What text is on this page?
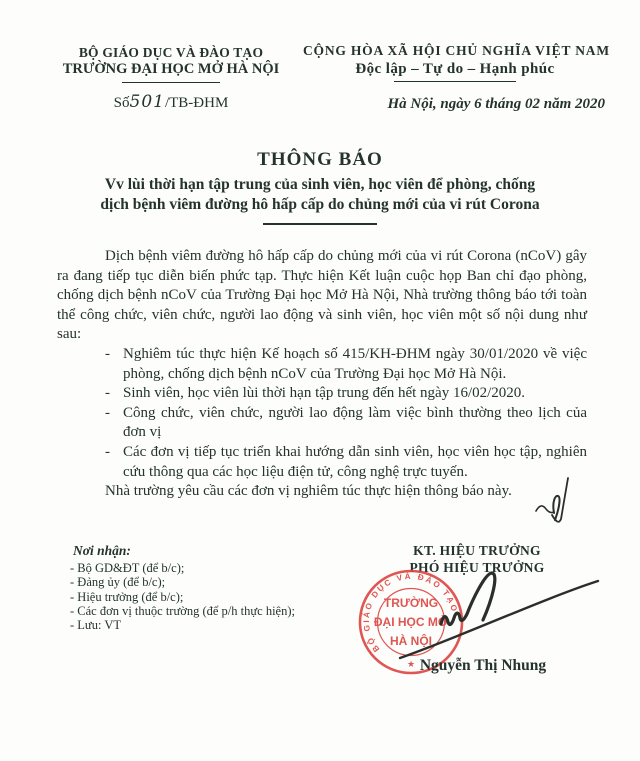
BỘ GIÁO DỤC VÀ ĐÀO TẠO
TRƯỜNG ĐẠI HỌC MỞ HÀ NỘI
Số501/TB-ĐHM
CỘNG HÒA XÃ HỘI CHỦ NGHĨA VIỆT NAM
Độc lập – Tự do – Hạnh phúc
Hà Nội, ngày 6 tháng 02 năm 2020
THÔNG BÁO
Vv lùi thời hạn tập trung của sinh viên, học viên để phòng, chống
dịch bệnh viêm đường hô hấp cấp do chủng mới của vi rút Corona
Dịch bệnh viêm đường hô hấp cấp do chủng mới của vi rút Corona (nCoV) gây ra đang tiếp tục diễn biến phức tạp. Thực hiện Kết luận cuộc họp Ban chỉ đạo phòng, chống dịch bệnh nCoV của Trường Đại học Mở Hà Nội, Nhà trường thông báo tới toàn thể công chức, viên chức, người lao động và sinh viên, học viên một số nội dung như sau:
- Nghiêm túc thực hiện Kế hoạch số 415/KH-ĐHM ngày 30/01/2020 về việc phòng, chống dịch bệnh nCoV của Trường Đại học Mở Hà Nội.
- Sinh viên, học viên lùi thời hạn tập trung đến hết ngày 16/02/2020.
- Công chức, viên chức, người lao động làm việc bình thường theo lịch của đơn vị
- Các đơn vị tiếp tục triển khai hướng dẫn sinh viên, học viên học tập, nghiên cứu thông qua các học liệu điện tử, công nghệ trực tuyến.
Nhà trường yêu cầu các đơn vị nghiêm túc thực hiện thông báo này.
Nơi nhận:
- Bộ GD&ĐT (để b/c);
- Đảng ủy (để b/c);
- Hiệu trưởng (để b/c);
- Các đơn vị thuộc trường (để p/h thực hiện);
- Lưu: VT
KT. HIỆU TRƯỞNG
PHÓ HIỆU TRƯỞNG
BỘ GIÁO DỤC VÀ ĐÀO TẠO
TRƯỜNG
ĐẠI HỌC MỞ
HÀ NỘI
★ Nguyễn Thị Nhung
